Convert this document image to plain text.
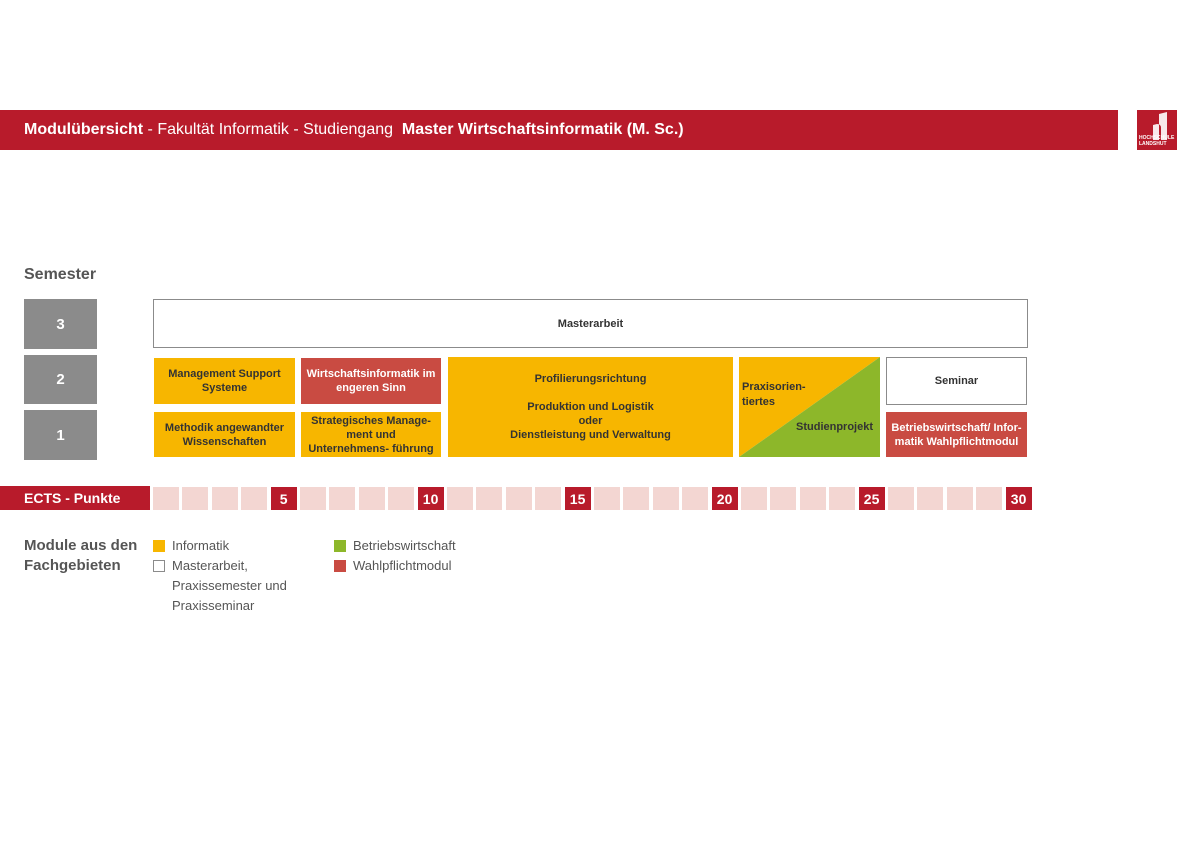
Modulübersicht - Fakultät Informatik - Studiengang  Master Wirtschaftsinformatik (M. Sc.)	HOCHSCHULE
LANDSHUT
Semester
3
2
1
Masterarbeit
Management Support Systeme
Wirtschaftsinformatik im engeren Sinn
Profilierungsrichtung
Produktion und Logistik
oder
Dienstleistung und Verwaltung
Praxisorien- tiertes
Studienprojekt
Seminar
Methodik angewandter Wissenschaften
Strategisches Manage- ment und Unternehmens- führung
Betriebswirtschaft/ Infor- matik Wahlpflichtmodul
ECTS - Punkte	5	10	15	20	25	30
Module aus den
Fachgebieten
Informatik
Masterarbeit,
Praxissemester und
Praxisseminar
Betriebswirtschaft
Wahlpflichtmodul
